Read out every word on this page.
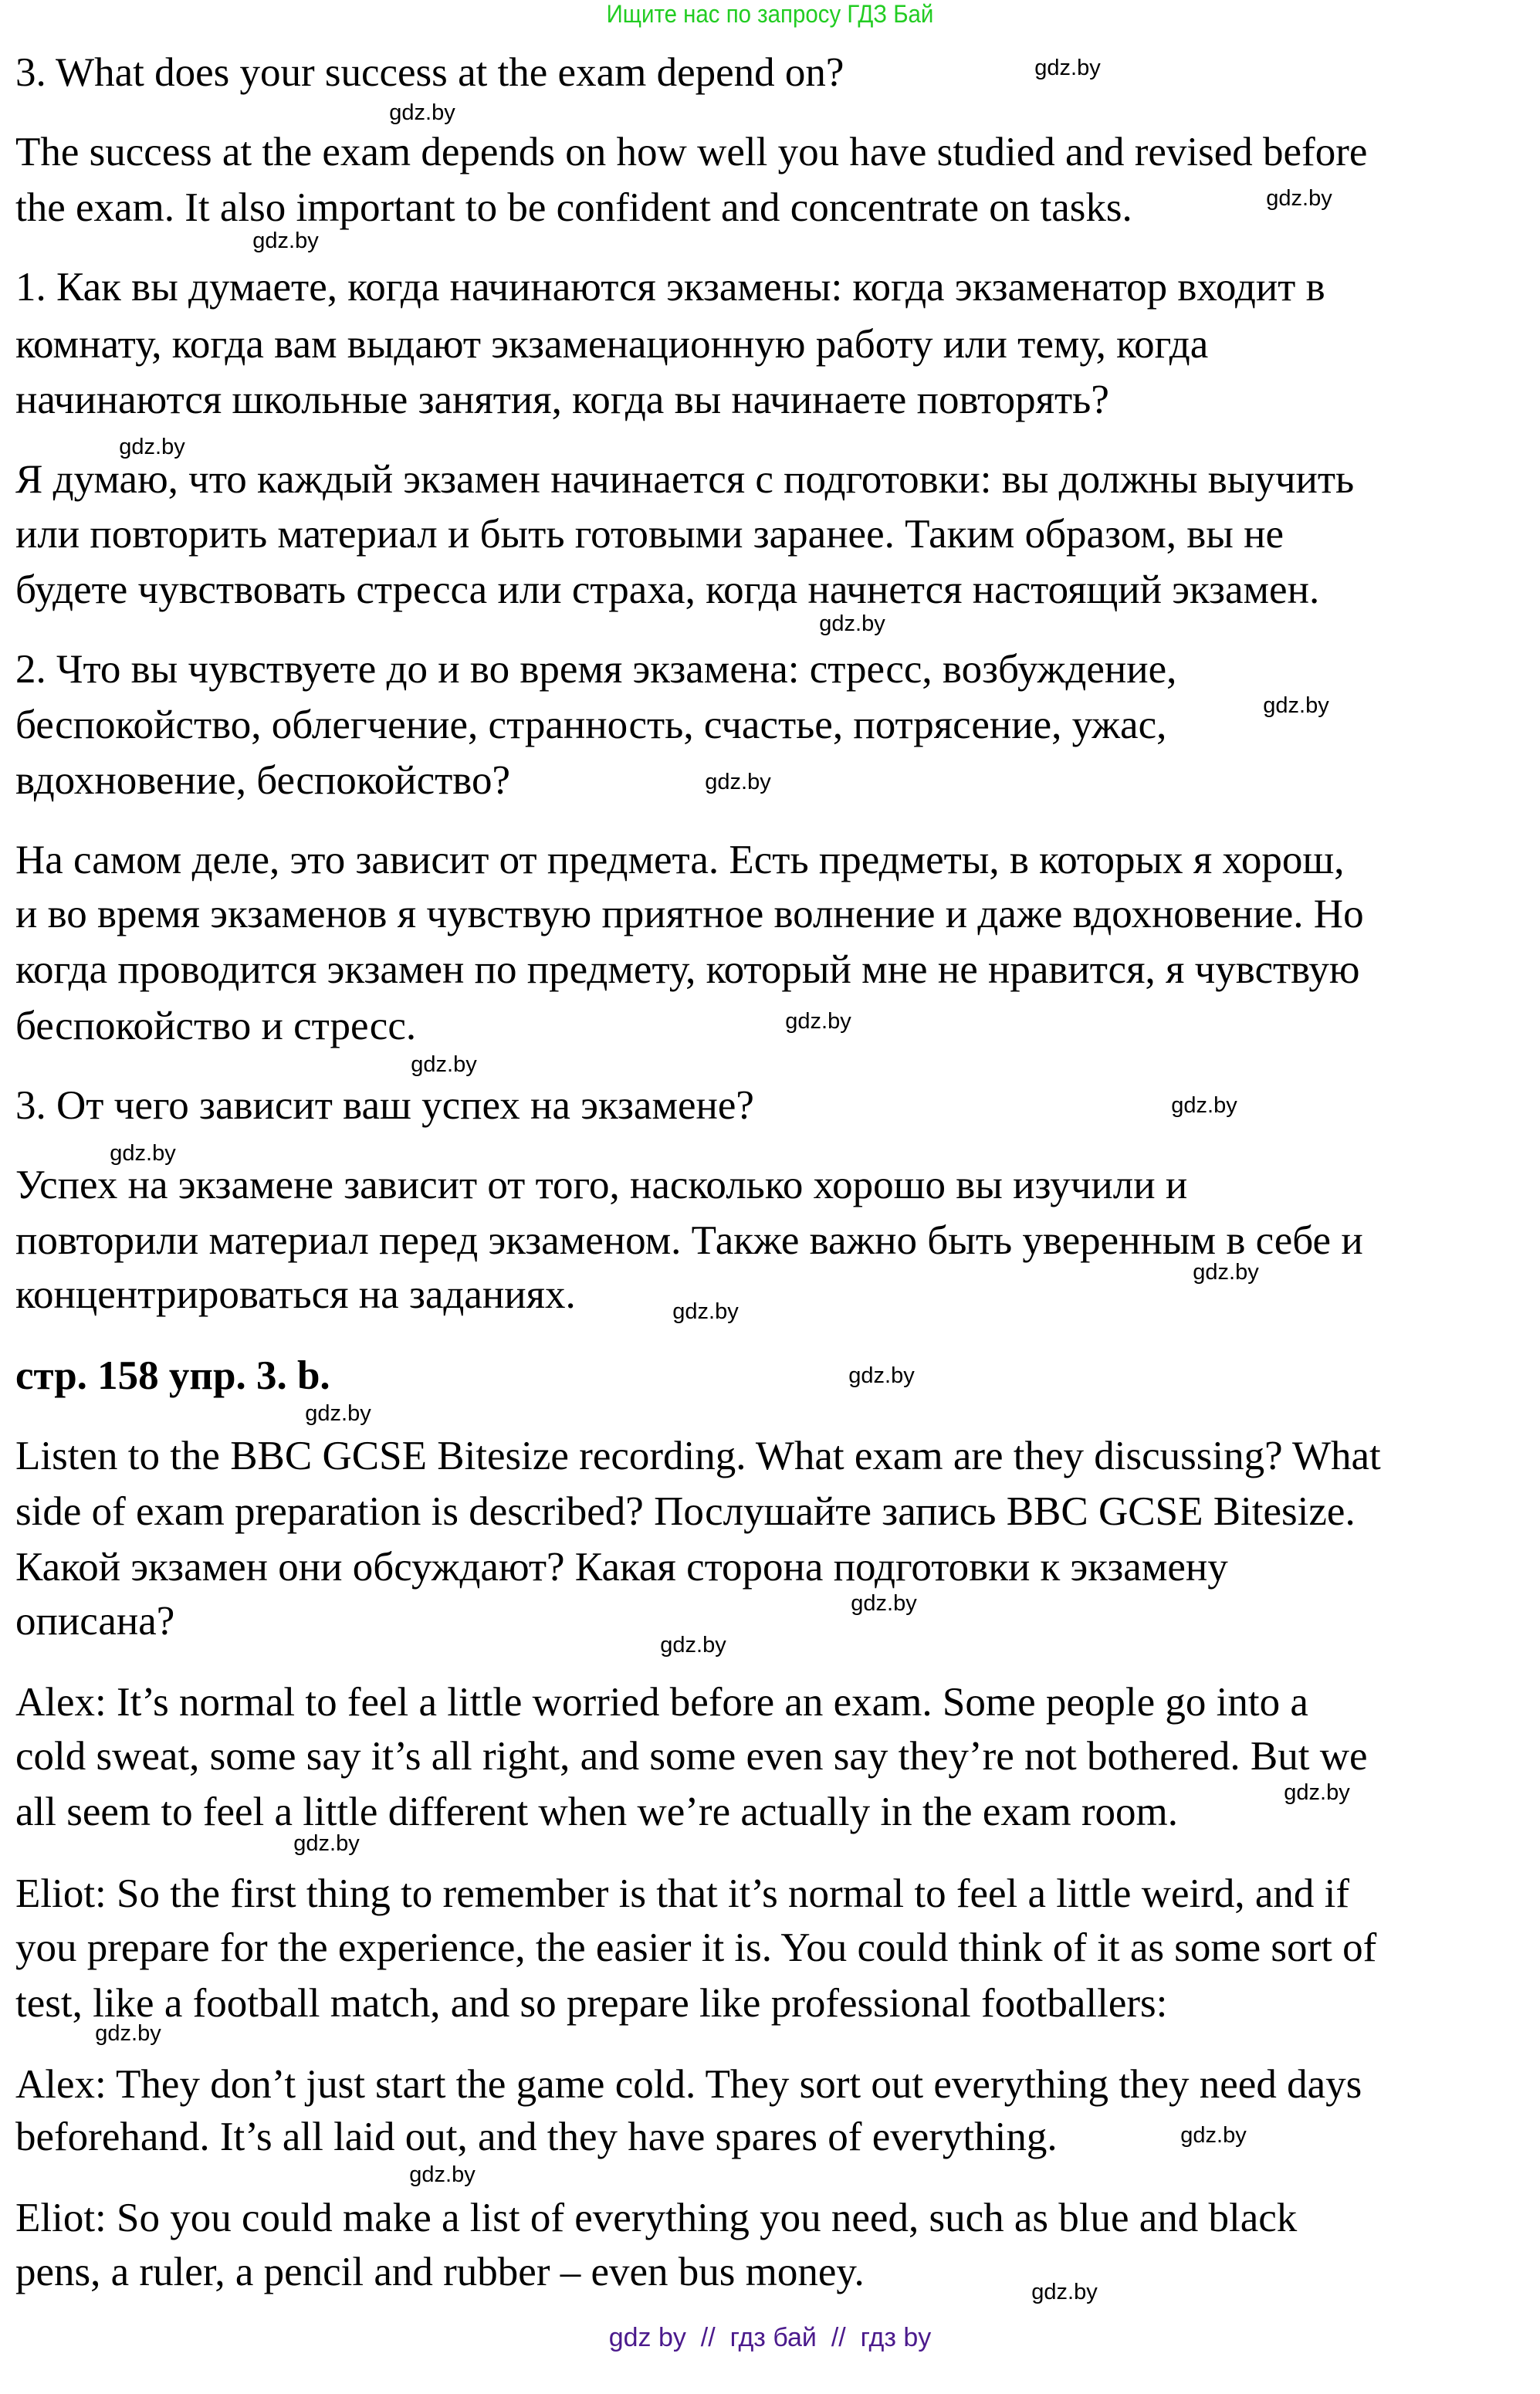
Ищите нас по запросу ГДЗ Бай
3. What does your success at the exam depend on?
The success at the exam depends on how well you have studied and revised before
the exam. It also important to be confident and concentrate on tasks.
1. Как вы думаете, когда начинаются экзамены: когда экзаменатор входит в
комнату, когда вам выдают экзаменационную работу или тему, когда
начинаются школьные занятия, когда вы начинаете повторять?
Я думаю, что каждый экзамен начинается с подготовки: вы должны выучить
или повторить материал и быть готовыми заранее. Таким образом, вы не
будете чувствовать стресса или страха, когда начнется настоящий экзамен.
2. Что вы чувствуете до и во время экзамена: стресс, возбуждение,
беспокойство, облегчение, странность, счастье, потрясение, ужас,
вдохновение, беспокойство?
На самом деле, это зависит от предмета. Есть предметы, в которых я хорош,
и во время экзаменов я чувствую приятное волнение и даже вдохновение. Но
когда проводится экзамен по предмету, который мне не нравится, я чувствую
беспокойство и стресс.
3. От чего зависит ваш успех на экзамене?
Успех на экзамене зависит от того, насколько хорошо вы изучили и
повторили материал перед экзаменом. Также важно быть уверенным в себе и
концентрироваться на заданиях.
стр. 158 упр. 3. b.
Listen to the BBC GCSE Bitesize recording. What exam are they discussing? What
side of exam preparation is described? Послушайте запись BBC GCSE Bitesize.
Какой экзамен они обсуждают? Какая сторона подготовки к экзамену
описана?
Alex: It’s normal to feel a little worried before an exam. Some people go into a
cold sweat, some say it’s all right, and some even say they’re not bothered. But we
all seem to feel a little different when we’re actually in the exam room.
Eliot: So the first thing to remember is that it’s normal to feel a little weird, and if
you prepare for the experience, the easier it is. You could think of it as some sort of
test, like a football match, and so prepare like professional footballers:
Alex: They don’t just start the game cold. They sort out everything they need days
beforehand. It’s all laid out, and they have spares of everything.
Eliot: So you could make a list of everything you need, such as blue and black
pens, a ruler, a pencil and rubber – even bus money.
gdz.by
gdz.by
gdz.by
gdz.by
gdz.by
gdz.by
gdz.by
gdz.by
gdz.by
gdz.by
gdz.by
gdz.by
gdz.by
gdz.by
gdz.by
gdz.by
gdz.by
gdz.by
gdz.by
gdz.by
gdz.by
gdz.by
gdz.by
gdz.by
gdz by  //  гдз бай  //  гдз by
